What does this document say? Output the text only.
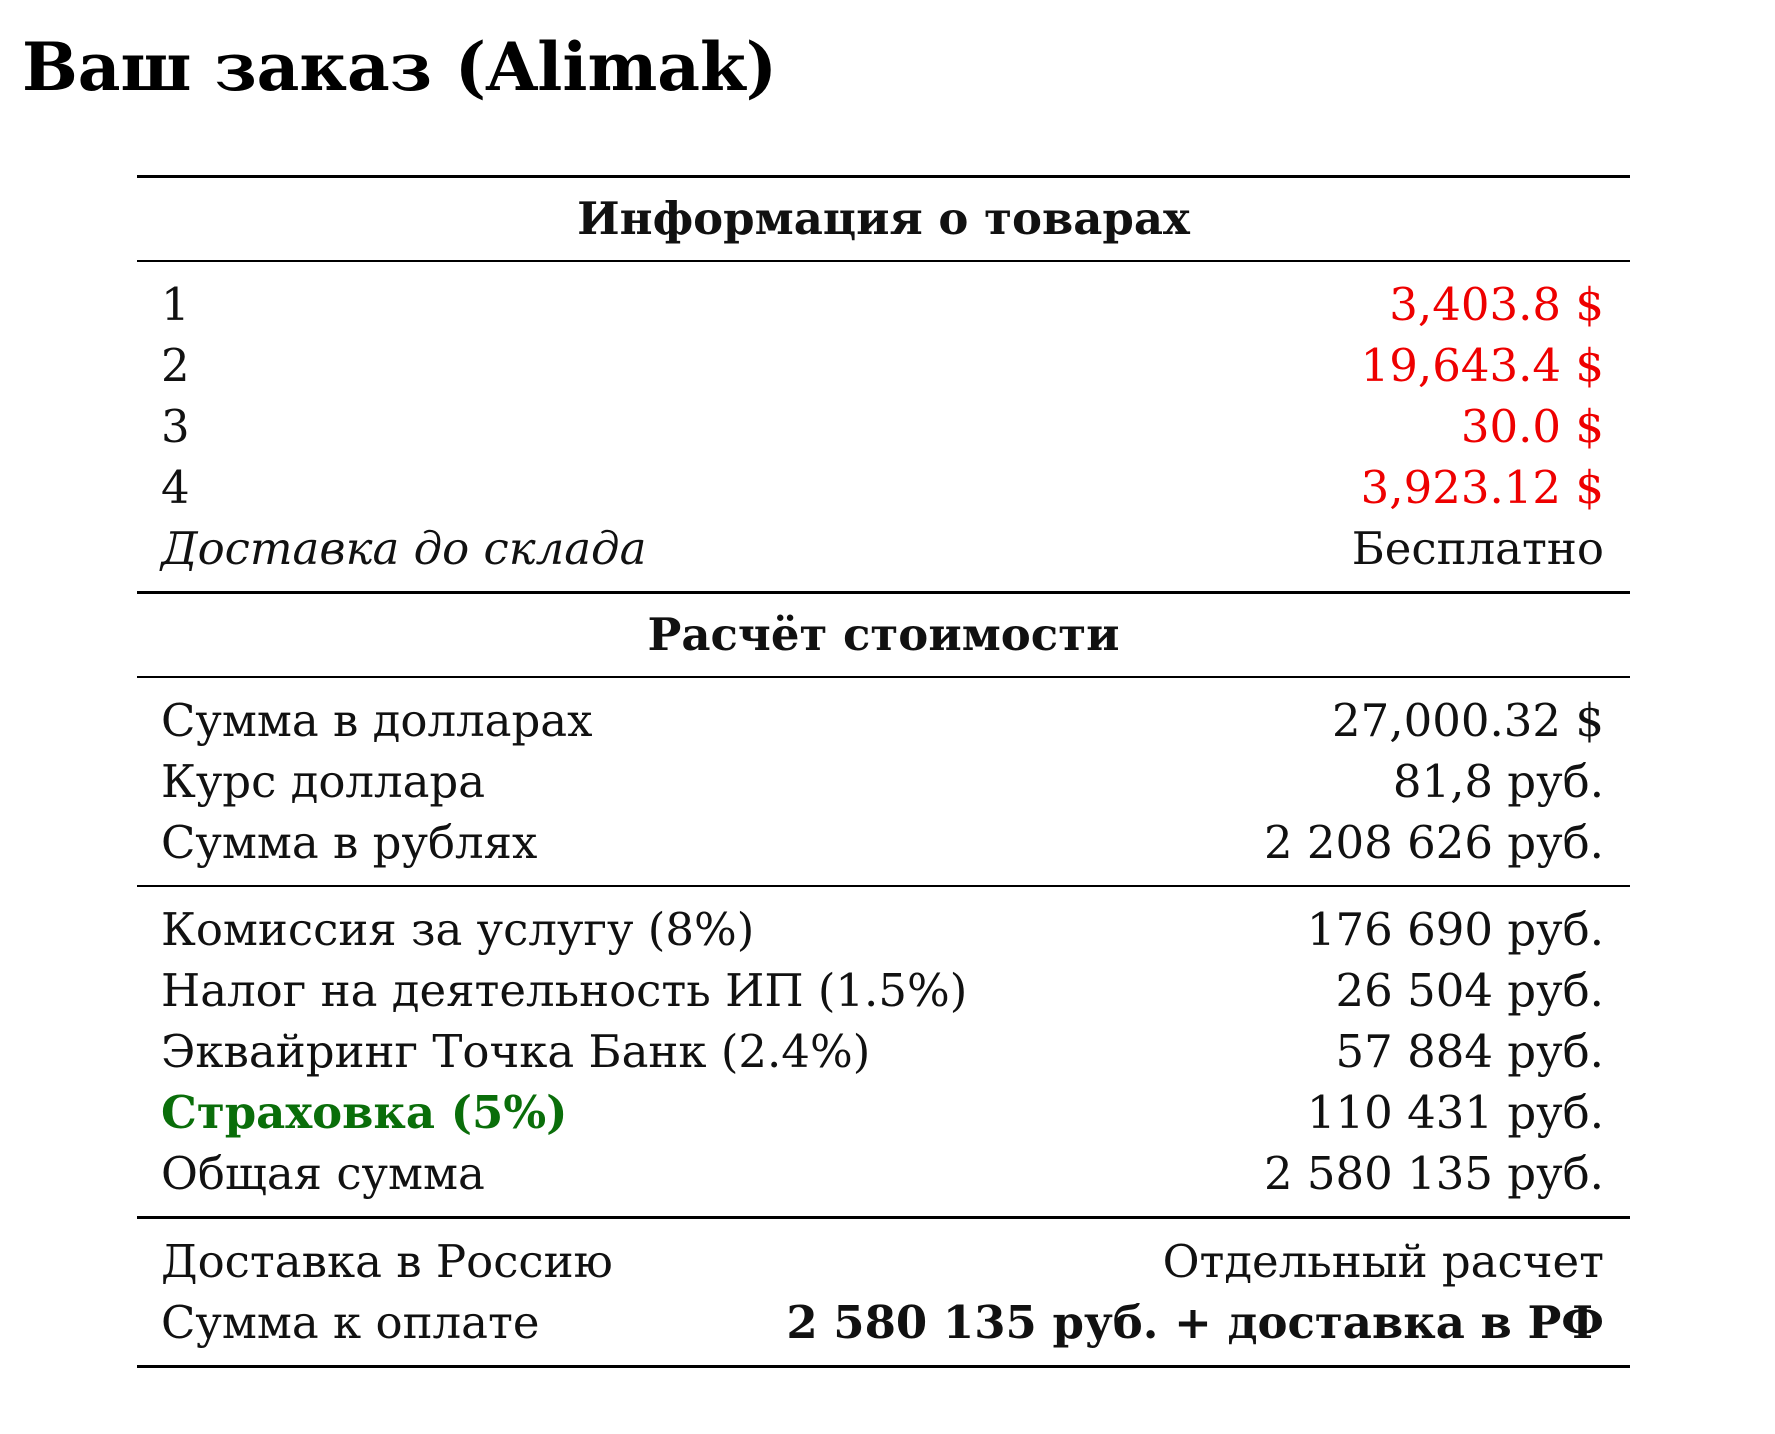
Ваш заказ (Alimak)
Информация о товарах
1	3,403.8 $
2	19,643.4 $
3	30.0 $
4	3,923.12 $
Доставка до склада	Бесплатно
Расчёт стоимости
Сумма в долларах	27,000.32 $
Курс доллара	81,8 руб.
Сумма в рублях	2 208 626 руб.
Комиссия за услугу (8%)	176 690 руб.
Налог на деятельность ИП (1.5%)	26 504 руб.
Эквайринг Точка Банк (2.4%)	57 884 руб.
Страховка (5%)	110 431 руб.
Общая сумма	2 580 135 руб.
Доставка в Россию	Отдельный расчет
Сумма к оплате	2 580 135 руб. + доставка в РФ
